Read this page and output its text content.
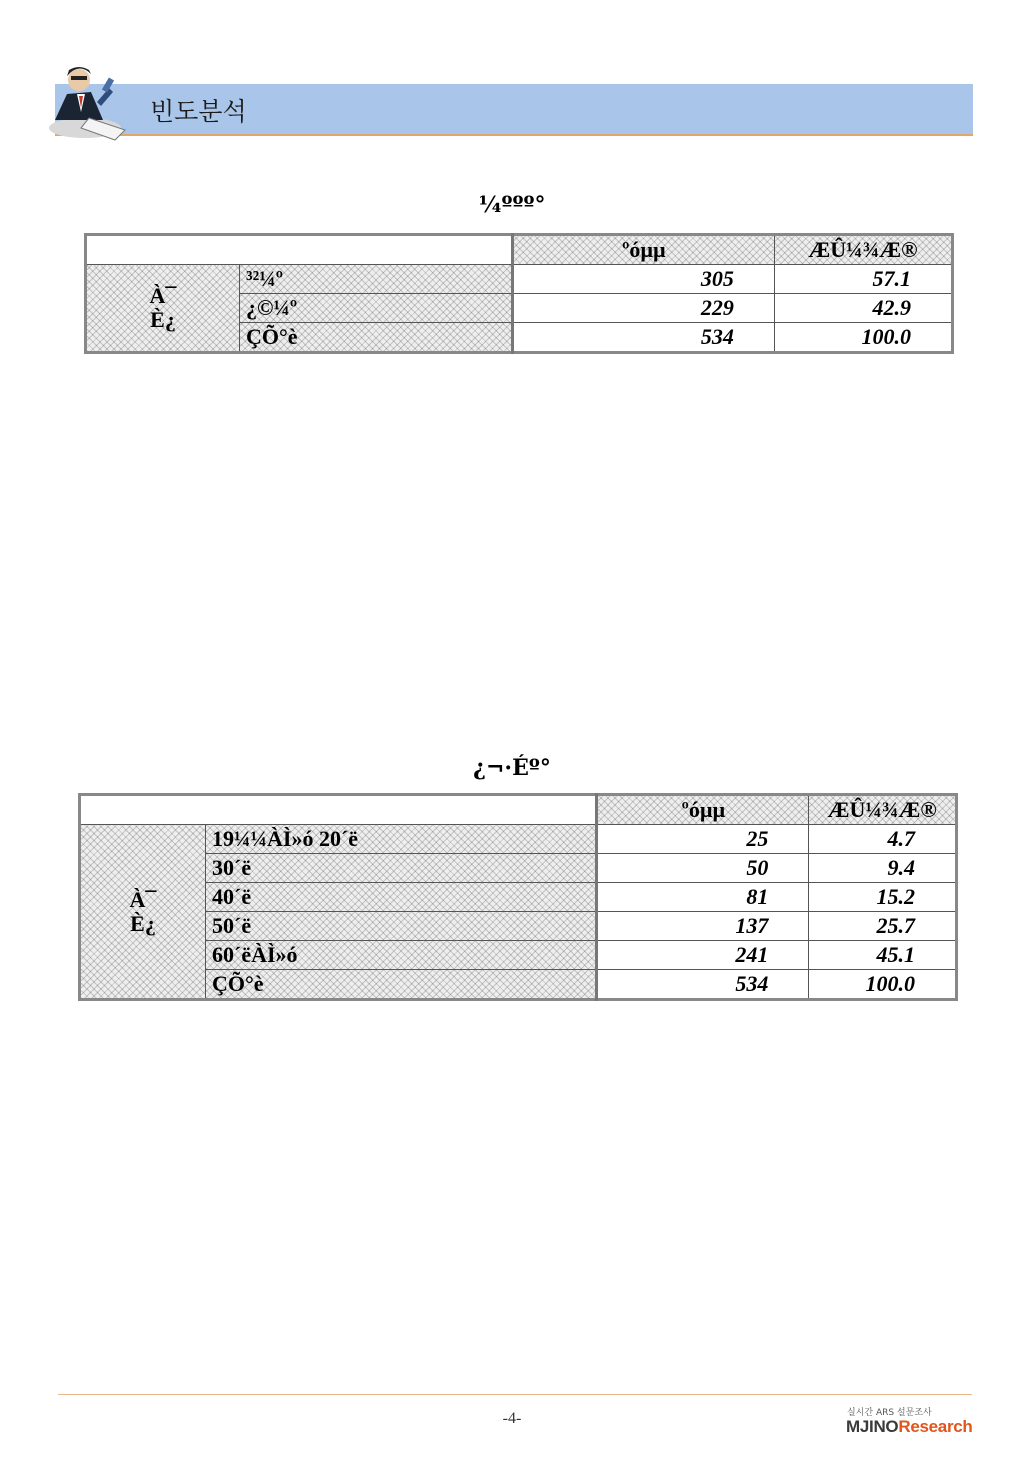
빈도분석
¼ººº°
		ºóµµ	ÆÛ¼¾Æ®
À¯
È¿	³²¼º	305	57.1
	¿©¼º	229	42.9
	ÇÕ°è	534	100.0
¿¬·Éº°
		ºóµµ	ÆÛ¼¾Æ®
À¯
È¿	19¼¼ÀÌ»ó 20´ë	25	4.7
	30´ë	50	9.4
	40´ë	81	15.2
	50´ë	137	25.7
	60´ëÀÌ»ó	241	45.1
	ÇÕ°è	534	100.0
-4-	실시간 ARS 설문조사
MJINOResearch
